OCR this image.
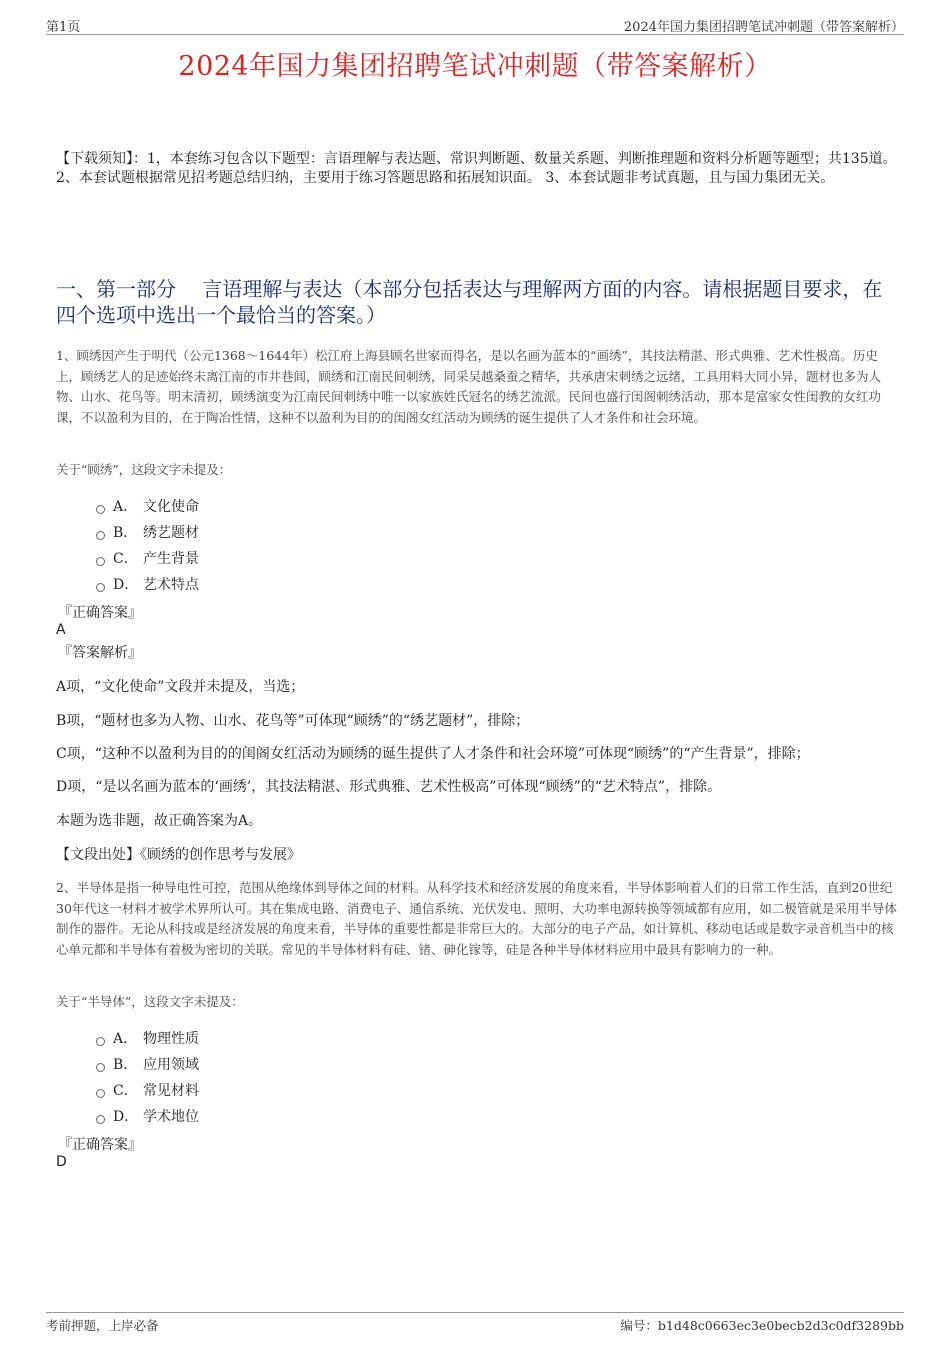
第1页	2024年国力集团招聘笔试冲刺题（带答案解析）
2024年国力集团招聘笔试冲刺题（带答案解析）
【下载须知】：1，本套练习包含以下题型：言语理解与表达题、常识判断题、数量关系题、判断推理题和资料分析题等题型；共135道。 2、本套试题根据常见招考题总结归纳，主要用于练习答题思路和拓展知识面。 3、本套试题非考试真题，且与国力集团无关。
一、第一部分　 言语理解与表达（本部分包括表达与理解两方面的内容。请根据题目要求，在四个选项中选出一个最恰当的答案。）
1、顾绣因产生于明代（公元1368～1644年）松江府上海县顾名世家而得名，是以名画为蓝本的“画绣”，其技法精湛、形式典雅、艺术性极高。历史上，顾绣艺人的足迹始终未离江南的市井巷闾，顾绣和江南民间刺绣，同采吴越桑蚕之精华，共承唐宋刺绣之远绪，工具用料大同小异，题材也多为人物、山水、花鸟等。明末清初，顾绣演变为江南民间刺绣中唯一以家族姓氏冠名的绣艺流派。民间也盛行闺阁刺绣活动，那本是富家女性闺教的女红功课，不以盈利为目的，在于陶冶性情，这种不以盈利为目的的闺阁女红活动为顾绣的诞生提供了人才条件和社会环境。
关于“顾绣”，这段文字未提及：
A． 文化使命
B． 绣艺题材
C． 产生背景
D． 艺术特点
『正确答案』
A
『答案解析』
A项，“文化使命”文段并未提及，当选；
B项，“题材也多为人物、山水、花鸟等”可体现“顾绣”的“绣艺题材”，排除；
C项，“这种不以盈利为目的的闺阁女红活动为顾绣的诞生提供了人才条件和社会环境”可体现“顾绣”的“产生背景”，排除；
D项，“是以名画为蓝本的‘画绣’，其技法精湛、形式典雅、艺术性极高”可体现“顾绣”的“艺术特点”，排除。
本题为选非题，故正确答案为A。
【文段出处】《顾绣的创作思考与发展》
2、半导体是指一种导电性可控，范围从绝缘体到导体之间的材料。从科学技术和经济发展的角度来看，半导体影响着人们的日常工作生活，直到20世纪30年代这一材料才被学术界所认可。其在集成电路、消费电子、通信系统、光伏发电、照明、大功率电源转换等领域都有应用，如二极管就是采用半导体制作的器件。无论从科技或是经济发展的角度来看，半导体的重要性都是非常巨大的。大部分的电子产品，如计算机、移动电话或是数字录音机当中的核心单元都和半导体有着极为密切的关联。常见的半导体材料有硅、锗、砷化镓等，硅是各种半导体材料应用中最具有影响力的一种。
关于“半导体”，这段文字未提及：
A． 物理性质
B． 应用领域
C． 常见材料
D． 学术地位
『正确答案』
D
考前押题，上岸必备	编号：b1d48c0663ec3e0becb2d3c0df3289bb
